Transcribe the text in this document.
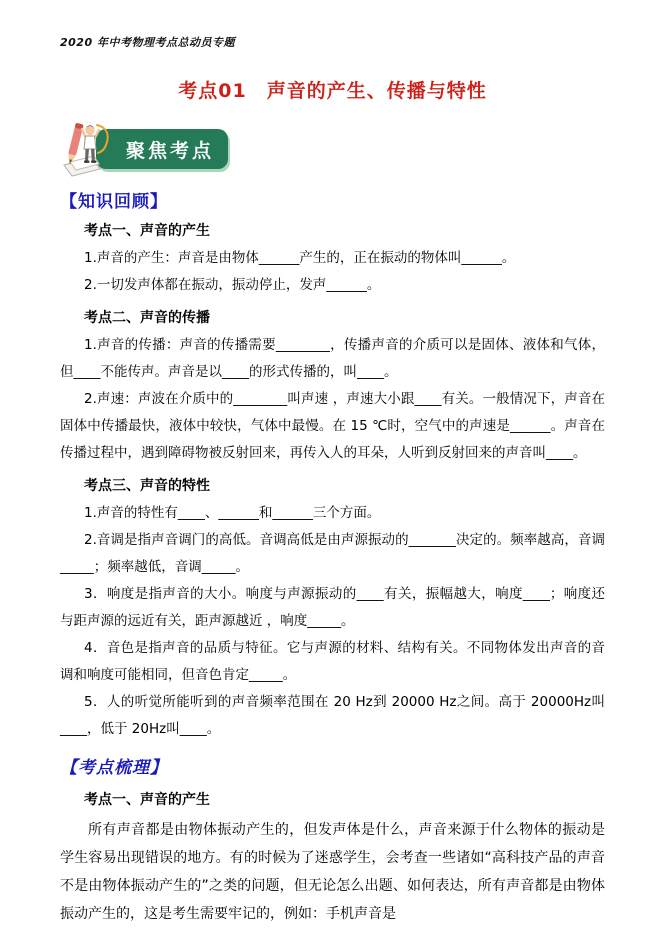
2020 年中考物理考点总动员专题
考点01　声音的产生、传播与特性
聚焦考点
【知识回顾】
考点一、声音的产生

1.声音的产生：声音是由物体______产生的，正在振动的物体叫______。

2.一切发声体都在振动，振动停止，发声______。

考点二、声音的传播

1.声音的传播：声音的传播需要________，传播声音的介质可以是固体、液体和气体，但____不能传声。声音是以____的形式传播的，叫____。

2.声速：声波在介质中的________叫声速 ，声速大小跟____有关。一般情况下，声音在固体中传播最快，液体中较快，气体中最慢。在 15 ℃时，空气中的声速是______。声音在传播过程中，遇到障碍物被反射回来，再传入人的耳朵，人听到反射回来的声音叫____。

考点三、声音的特性

1.声音的特性有____、______和______三个方面。

2.音调是指声音调门的高低。音调高低是由声源振动的_______决定的。频率越高，音调_____；频率越低，音调_____。

3．响度是指声音的大小。响度与声源振动的____有关，振幅越大，响度____；响度还与距声源的远近有关，距声源越近 ，响度_____。

4．音色是指声音的品质与特征。它与声源的材料、结构有关。不同物体发出声音的音调和响度可能相同，但音色肯定_____。

5．人的听觉所能听到的声音频率范围在 20 Hz到 20000 Hz之间。高于 20000Hz叫____，低于 20Hz叫____。

【考点梳理】
考点一、声音的产生

所有声音都是由物体振动产生的，但发声体是什么，声音来源于什么物体的振动是学生容易出现错误的地方。有的时候为了迷惑学生，会考查一些诸如“高科技产品的声音不是由物体振动产生的”之类的问题，但无论怎么出题、如何表达，所有声音都是由物体振动产生的，这是考生需要牢记的，例如：手机声音是
